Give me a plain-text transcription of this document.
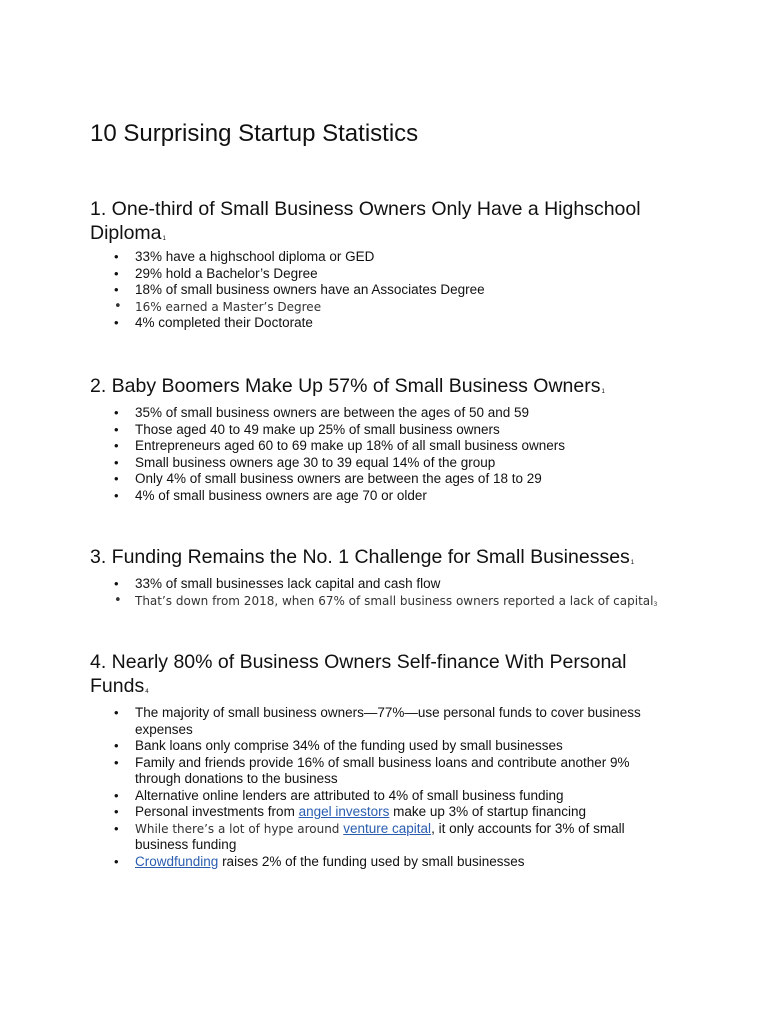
10 Surprising Startup Statistics
1. One-third of Small Business Owners Only Have a Highschool Diploma$^1$
• 33% have a highschool diploma or GED
• 29% hold a Bachelor’s Degree
• 18% of small business owners have an Associates Degree
• 16% earned a Master’s Degree
• 4% completed their Doctorate
2. Baby Boomers Make Up 57% of Small Business Owners$^1$
• 35% of small business owners are between the ages of 50 and 59
• Those aged 40 to 49 make up 25% of small business owners
• Entrepreneurs aged 60 to 69 make up 18% of all small business owners
• Small business owners age 30 to 39 equal 14% of the group
• Only 4% of small business owners are between the ages of 18 to 29
• 4% of small business owners are age 70 or older
3. Funding Remains the No. 1 Challenge for Small Businesses$^1$
• 33% of small businesses lack capital and cash flow
• That’s down from 2018, when 67% of small business owners reported a lack of capital$^3$
4. Nearly 80% of Business Owners Self-finance With Personal Funds$^4$
• The majority of small business owners—77%—use personal funds to cover business expenses
• Bank loans only comprise 34% of the funding used by small businesses
• Family and friends provide 16% of small business loans and contribute another 9% through donations to the business
• Alternative online lenders are attributed to 4% of small business funding
• Personal investments from angel investors make up 3% of startup financing
• While there’s a lot of hype around venture capital, it only accounts for 3% of small business funding
• Crowdfunding raises 2% of the funding used by small businesses
